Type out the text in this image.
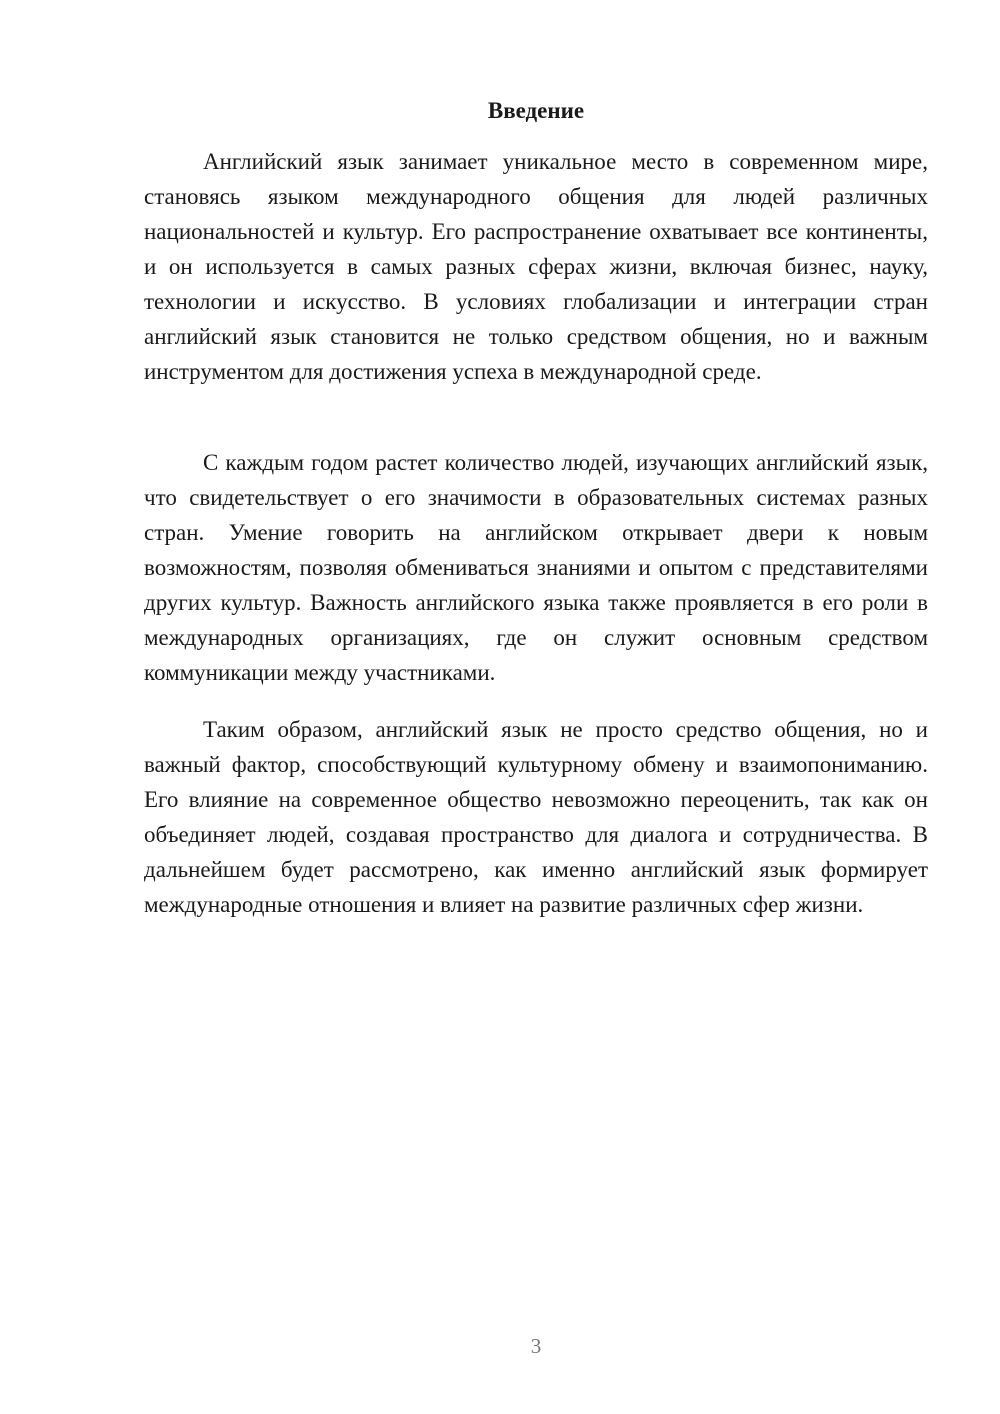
Введение

Английский язык занимает уникальное место в современном мире, становясь языком международного общения для людей различных национальностей и культур. Его распространение охватывает все континенты, и он используется в самых разных сферах жизни, включая бизнес, науку, технологии и искусство. В условиях глобализации и интеграции стран английский язык становится не только средством общения, но и важным инструментом для достижения успеха в международной среде.

С каждым годом растет количество людей, изучающих английский язык, что свидетельствует о его значимости в образовательных системах разных стран. Умение говорить на английском открывает двери к новым возможностям, позволяя обмениваться знаниями и опытом с представителями других культур. Важность английского языка также проявляется в его роли в международных организациях, где он служит основным средством коммуникации между участниками.

Таким образом, английский язык не просто средство общения, но и важный фактор, способствующий культурному обмену и взаимопониманию. Его влияние на современное общество невозможно переоценить, так как он объединяет людей, создавая пространство для диалога и сотрудничества. В дальнейшем будет рассмотрено, как именно английский язык формирует международные отношения и влияет на развитие различных сфер жизни.

3
